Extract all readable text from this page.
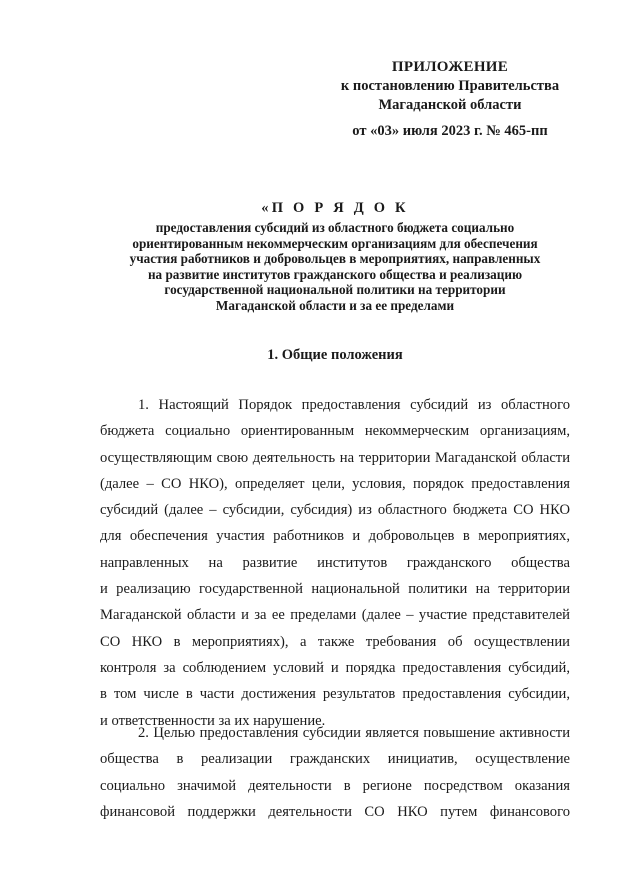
ПРИЛОЖЕНИЕ
к постановлению Правительства
Магаданской области
от «03» июля 2023 г. № 465-пп
«П О Р Я Д О К
предоставления субсидий из областного бюджета социально
ориентированным некоммерческим организациям для обеспечения
участия работников и добровольцев в мероприятиях, направленных
на развитие институтов гражданского общества и реализацию
государственной национальной политики на территории
Магаданской области и за ее пределами
1. Общие положения
1. Настоящий Порядок предоставления субсидий из областного
бюджета социально ориентированным некоммерческим организациям,
осуществляющим свою деятельность на территории Магаданской области
(далее – СО НКО), определяет цели, условия, порядок предоставления
субсидий (далее – субсидии, субсидия) из областного бюджета СО НКО
для обеспечения участия работников и добровольцев в мероприятиях,
направленных на развитие институтов гражданского общества
и реализацию государственной национальной политики на территории
Магаданской области и за ее пределами (далее – участие представителей
СО НКО в мероприятиях), а также требования об осуществлении
контроля за соблюдением условий и порядка предоставления субсидий,
в том числе в части достижения результатов предоставления субсидии,
и ответственности за их нарушение.
2. Целью предоставления субсидии является повышение активности
общества в реализации гражданских инициатив, осуществление
социально значимой деятельности в регионе посредством оказания
финансовой поддержки деятельности СО НКО путем финансового
